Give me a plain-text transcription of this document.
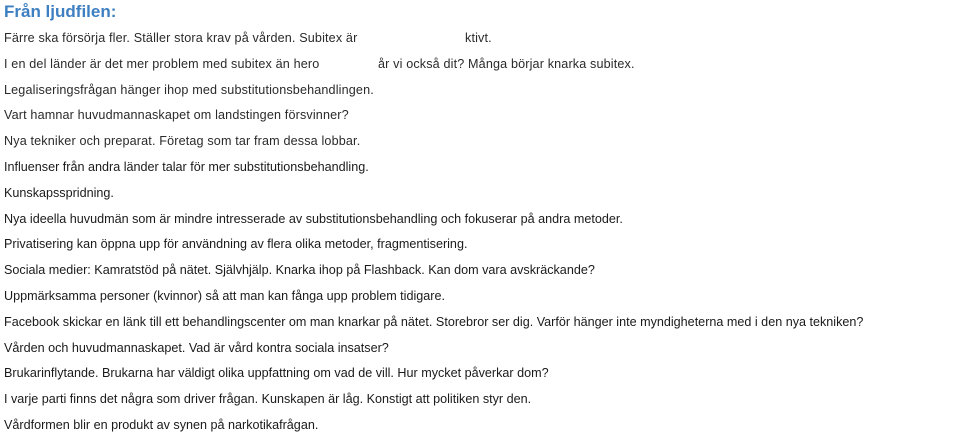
Från ljudfilen:
Färre ska försörja fler. Ställer stora krav på vården. Subitex är	ktivt.
I en del länder är det mer problem med subitex än hero	år vi också dit? Många börjar knarka subitex.
Legaliseringsfrågan hänger ihop med substitutionsbehandlingen.
Vart hamnar huvudmannaskapet om landstingen försvinner?
Nya tekniker och preparat. Företag som tar fram dessa lobbar.
Influenser från andra länder talar för mer substitutionsbehandling.
Kunskapsspridning.
Nya ideella huvudmän som är mindre intresserade av substitutionsbehandling och fokuserar på andra metoder.
Privatisering kan öppna upp för användning av flera olika metoder, fragmentisering.
Sociala medier: Kamratstöd på nätet. Självhjälp. Knarka ihop på Flashback. Kan dom vara avskräckande?
Uppmärksamma personer (kvinnor) så att man kan fånga upp problem tidigare.
Facebook skickar en länk till ett behandlingscenter om man knarkar på nätet. Storebror ser dig. Varför hänger inte myndigheterna med i den nya tekniken?
Vården och huvudmannaskapet. Vad är vård kontra sociala insatser?
Brukarinflytande. Brukarna har väldigt olika uppfattning om vad de vill. Hur mycket påverkar dom?
I varje parti finns det några som driver frågan. Kunskapen är låg. Konstigt att politiken styr den.
Vårdformen blir en produkt av synen på narkotikafrågan.
